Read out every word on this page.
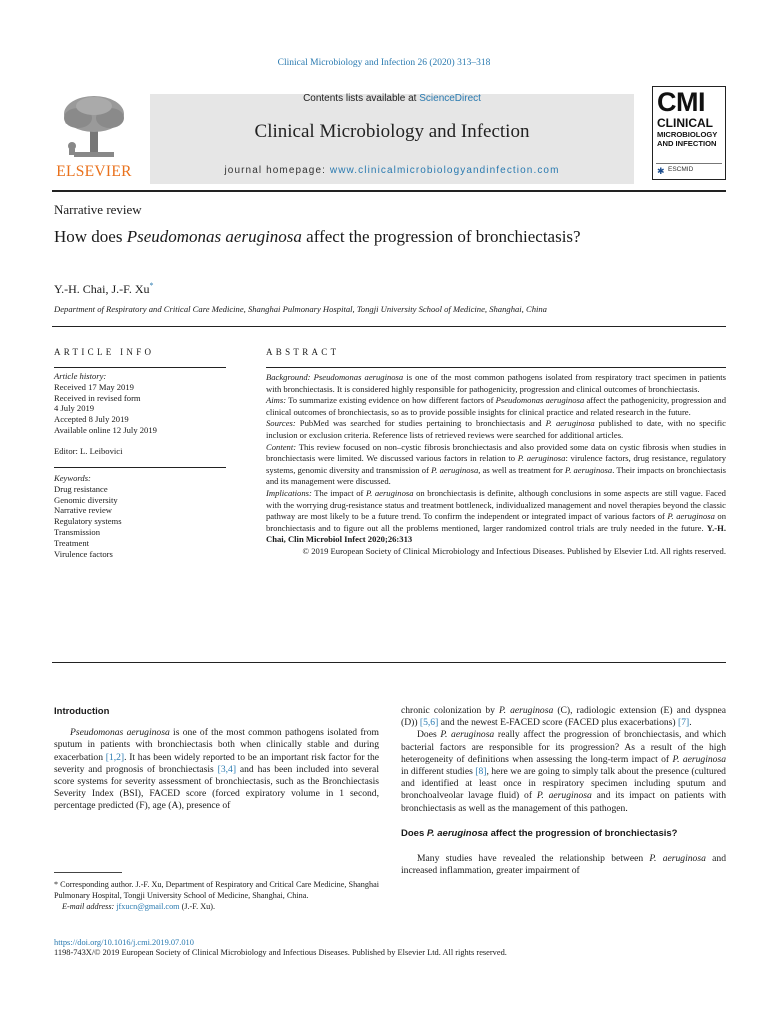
Clinical Microbiology and Infection 26 (2020) 313–318
ELSEVIER
Contents lists available at ScienceDirect
Clinical Microbiology and Infection
journal homepage: www.clinicalmicrobiologyandinfection.com
CMI
CLINICAL
MICROBIOLOGY AND INFECTION
✱ ESCMID
Narrative review
How does Pseudomonas aeruginosa affect the progression of bronchiectasis?
Y.-H. Chai, J.-F. Xu*
Department of Respiratory and Critical Care Medicine, Shanghai Pulmonary Hospital, Tongji University School of Medicine, Shanghai, China
ARTICLE INFO	ABSTRACT
Article history:
Received 17 May 2019
Received in revised form
4 July 2019
Accepted 8 July 2019
Available online 12 July 2019
Editor: L. Leibovici
Keywords:
Drug resistance
Genomic diversity
Narrative review
Regulatory systems
Transmission
Treatment
Virulence factors

Background: Pseudomonas aeruginosa is one of the most common pathogens isolated from respiratory tract specimen in patients with bronchiectasis. It is considered highly responsible for pathogenicity, progression and clinical outcomes of bronchiectasis.

Aims: To summarize existing evidence on how different factors of Pseudomonas aeruginosa affect the pathogenicity, progression and clinical outcomes of bronchiectasis, so as to provide possible insights for clinical practice and related research in the future.

Sources: PubMed was searched for studies pertaining to bronchiectasis and P. aeruginosa published to date, with no specific inclusion or exclusion criteria. Reference lists of retrieved reviews were searched for additional articles.

Content: This review focused on non–cystic fibrosis bronchiectasis and also provided some data on cystic fibrosis when studies in bronchiectasis were limited. We discussed various factors in relation to P. aeruginosa: virulence factors, drug resistance, regulatory systems, genomic diversity and transmission of P. aeruginosa, as well as treatment for P. aeruginosa. Their impacts on bronchiectasis and its management were discussed.

Implications: The impact of P. aeruginosa on bronchiectasis is definite, although conclusions in some aspects are still vague. Faced with the worrying drug-resistance status and treatment bottleneck, individualized management and novel therapies beyond the classic pathway are most likely to be a future trend. To confirm the independent or integrated impact of various factors of P. aeruginosa on bronchiectasis and to figure out all the problems mentioned, larger randomized control trials are truly needed in the future. Y.-H. Chai, Clin Microbiol Infect 2020;26:313

© 2019 European Society of Clinical Microbiology and Infectious Diseases. Published by Elsevier Ltd. All rights reserved.

Introduction

Pseudomonas aeruginosa is one of the most common pathogens isolated from sputum in patients with bronchiectasis both when clinically stable and during exacerbation [1,2]. It has been widely reported to be an important risk factor for the severity and prognosis of bronchiectasis [3,4] and has been included into several score systems for severity assessment of bronchiectasis, such as the Bronchiectasis Severity Index (BSI), FACED score (forced expiratory volume in 1 second, percentage predicted (F), age (A), presence of

chronic colonization by P. aeruginosa (C), radiologic extension (E) and dyspnea (D)) [5,6] and the newest E-FACED score (FACED plus exacerbations) [7].

Does P. aeruginosa really affect the progression of bronchiectasis, and which bacterial factors are responsible for its progression? As a result of the high heterogeneity of definitions when assessing the long-term impact of P. aeruginosa in different studies [8], here we are going to simply talk about the presence (cultured and identified at least once in respiratory specimen including sputum and bronchoalveolar lavage fluid) of P. aeruginosa and its impact on patients with bronchiectasis as well as the management of this pathogen.

Does P. aeruginosa affect the progression of bronchiectasis?

Many studies have revealed the relationship between P. aeruginosa and increased inflammation, greater impairment of

* Corresponding author. J.-F. Xu, Department of Respiratory and Critical Care Medicine, Shanghai Pulmonary Hospital, Tongji University School of Medicine, Shanghai, China.
E-mail address: jfxucn@gmail.com (J.-F. Xu).
https://doi.org/10.1016/j.cmi.2019.07.010
1198-743X/© 2019 European Society of Clinical Microbiology and Infectious Diseases. Published by Elsevier Ltd. All rights reserved.
